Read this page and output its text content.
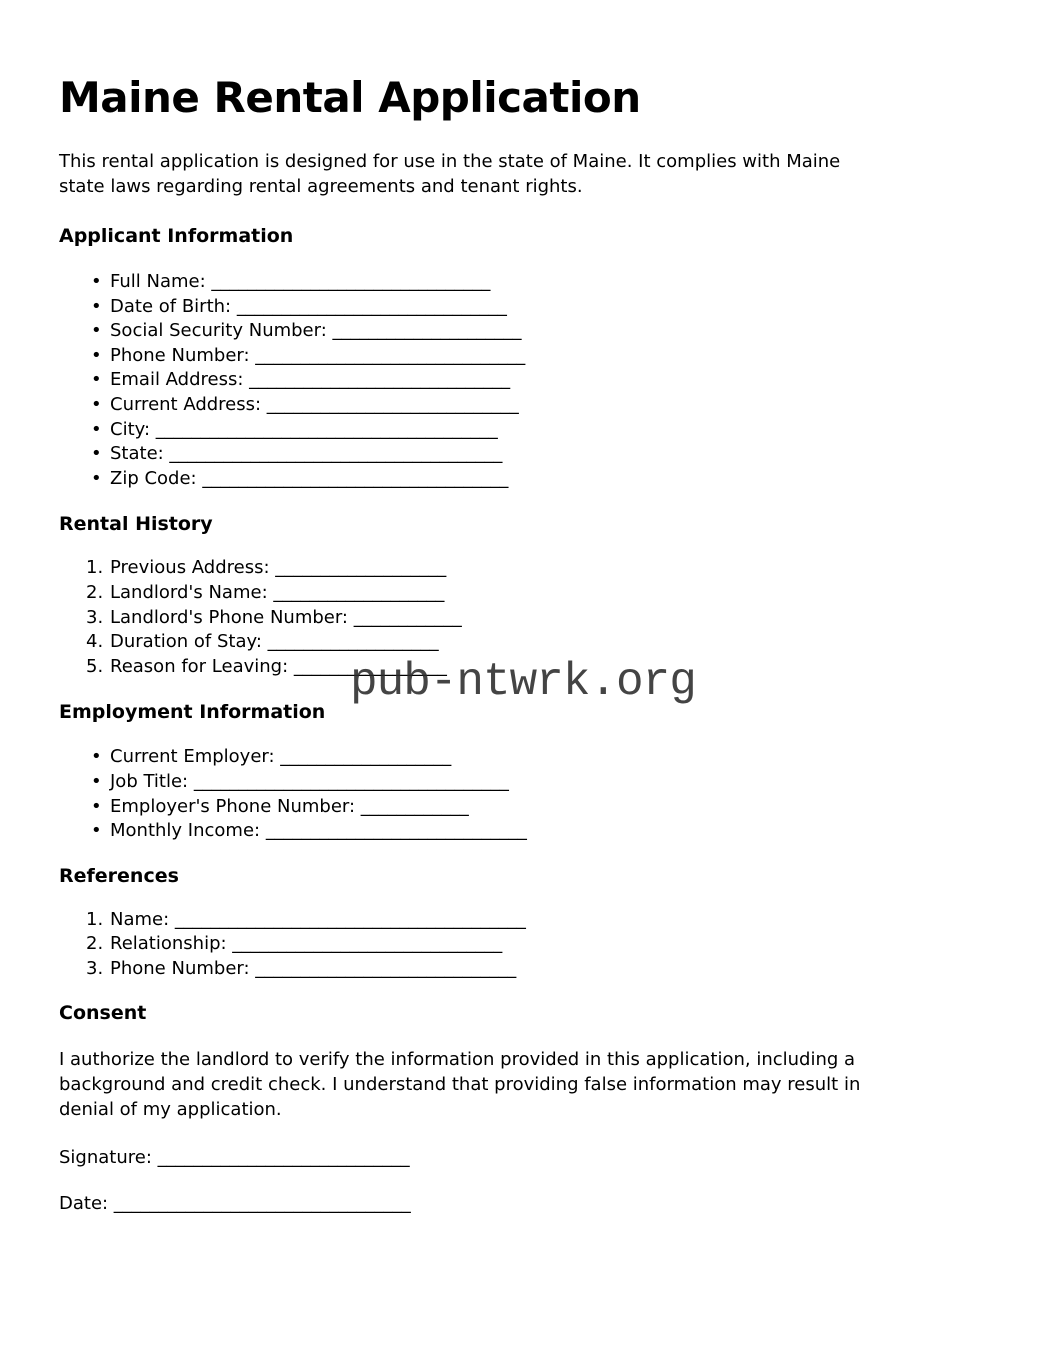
Maine Rental Application
This rental application is designed for use in the state of Maine. It complies with Maine
state laws regarding rental agreements and tenant rights.
Applicant Information
• Full Name: _______________________________
• Date of Birth: ______________________________
• Social Security Number: _____________________
• Phone Number: ______________________________
• Email Address: _____________________________
• Current Address: ____________________________
• City: ______________________________________
• State: _____________________________________
• Zip Code: __________________________________
Rental History
1. Previous Address: ___________________
2. Landlord's Name: ___________________
3. Landlord's Phone Number: ____________
4. Duration of Stay: ___________________
5. Reason for Leaving: _________________
Employment Information
• Current Employer: ___________________
• Job Title: ___________________________________
• Employer's Phone Number: ____________
• Monthly Income: _____________________________
References
1. Name: _______________________________________
2. Relationship: ______________________________
3. Phone Number: _____________________________
Consent
I authorize the landlord to verify the information provided in this application, including a
background and credit check. I understand that providing false information may result in
denial of my application.
Signature: ____________________________
Date: _________________________________
pub-ntwrk.org
